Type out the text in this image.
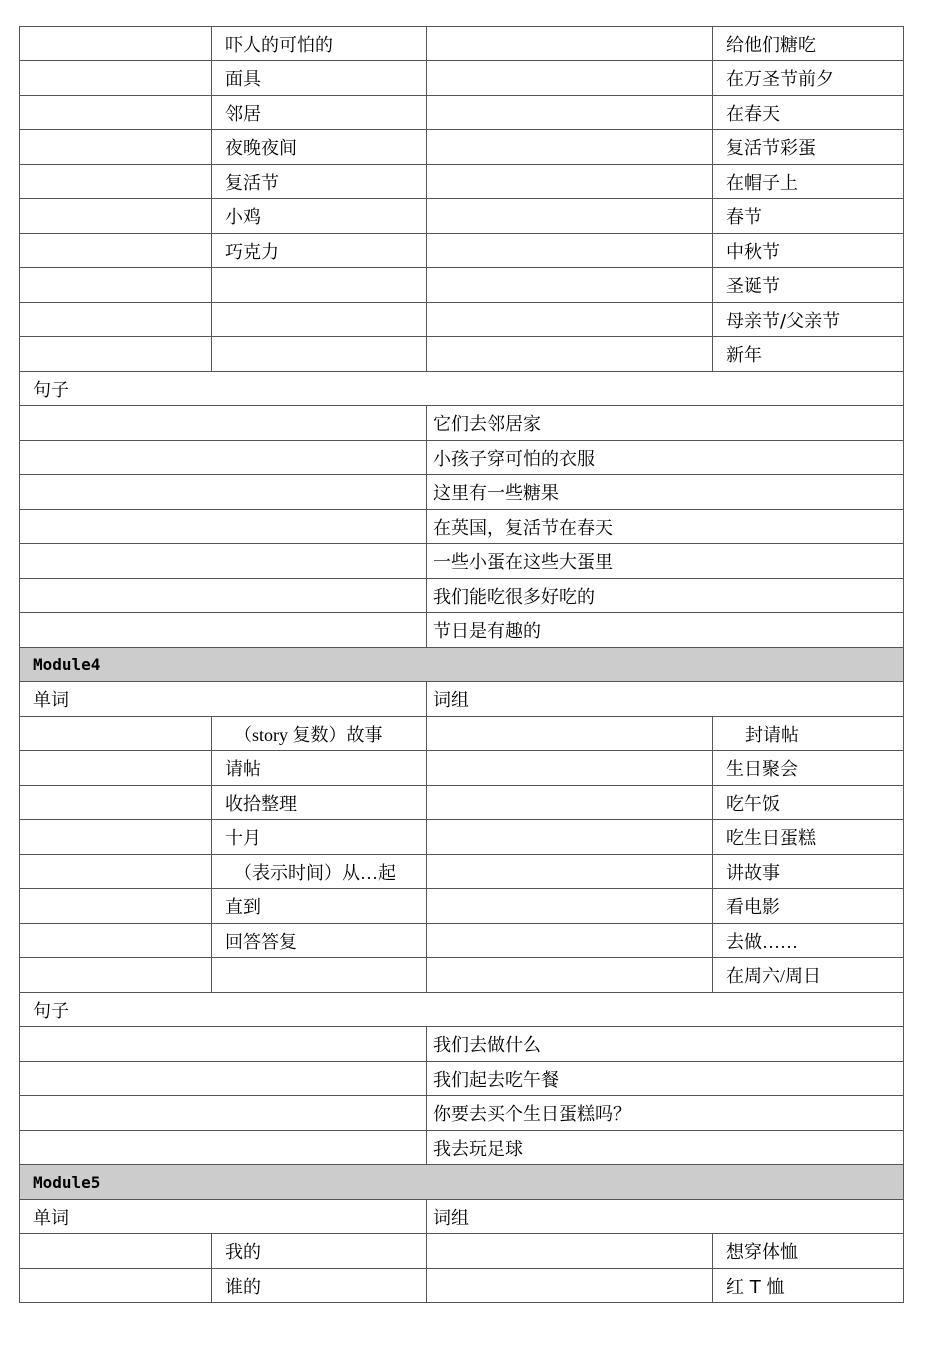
	吓人的可怕的		给他们糖吃
	面具		在万圣节前夕
	邻居		在春天
	夜晚夜间		复活节彩蛋
	复活节		在帽子上
	小鸡		春节
	巧克力		中秋节
			圣诞节
			母亲节/父亲节
			新年
句子			
		它们去邻居家	
		小孩子穿可怕的衣服	
		这里有一些糖果	
		在英国，复活节在春天	
		一些小蛋在这些大蛋里	
		我们能吃很多好吃的	
		节日是有趣的	
Module4			
单词		词组	
	（story 复数）故事		封请帖
	请帖		生日聚会
	收拾整理		吃午饭
	十月		吃生日蛋糕
	（表示时间）从…起		讲故事
	直到		看电影
	回答答复		去做……
			在周六/周日
句子			
		我们去做什么	
		我们起去吃午餐	
		你要去买个生日蛋糕吗？	
		我去玩足球	
Module5			
单词		词组	
	我的		想穿体恤
	谁的		红 T 恤
